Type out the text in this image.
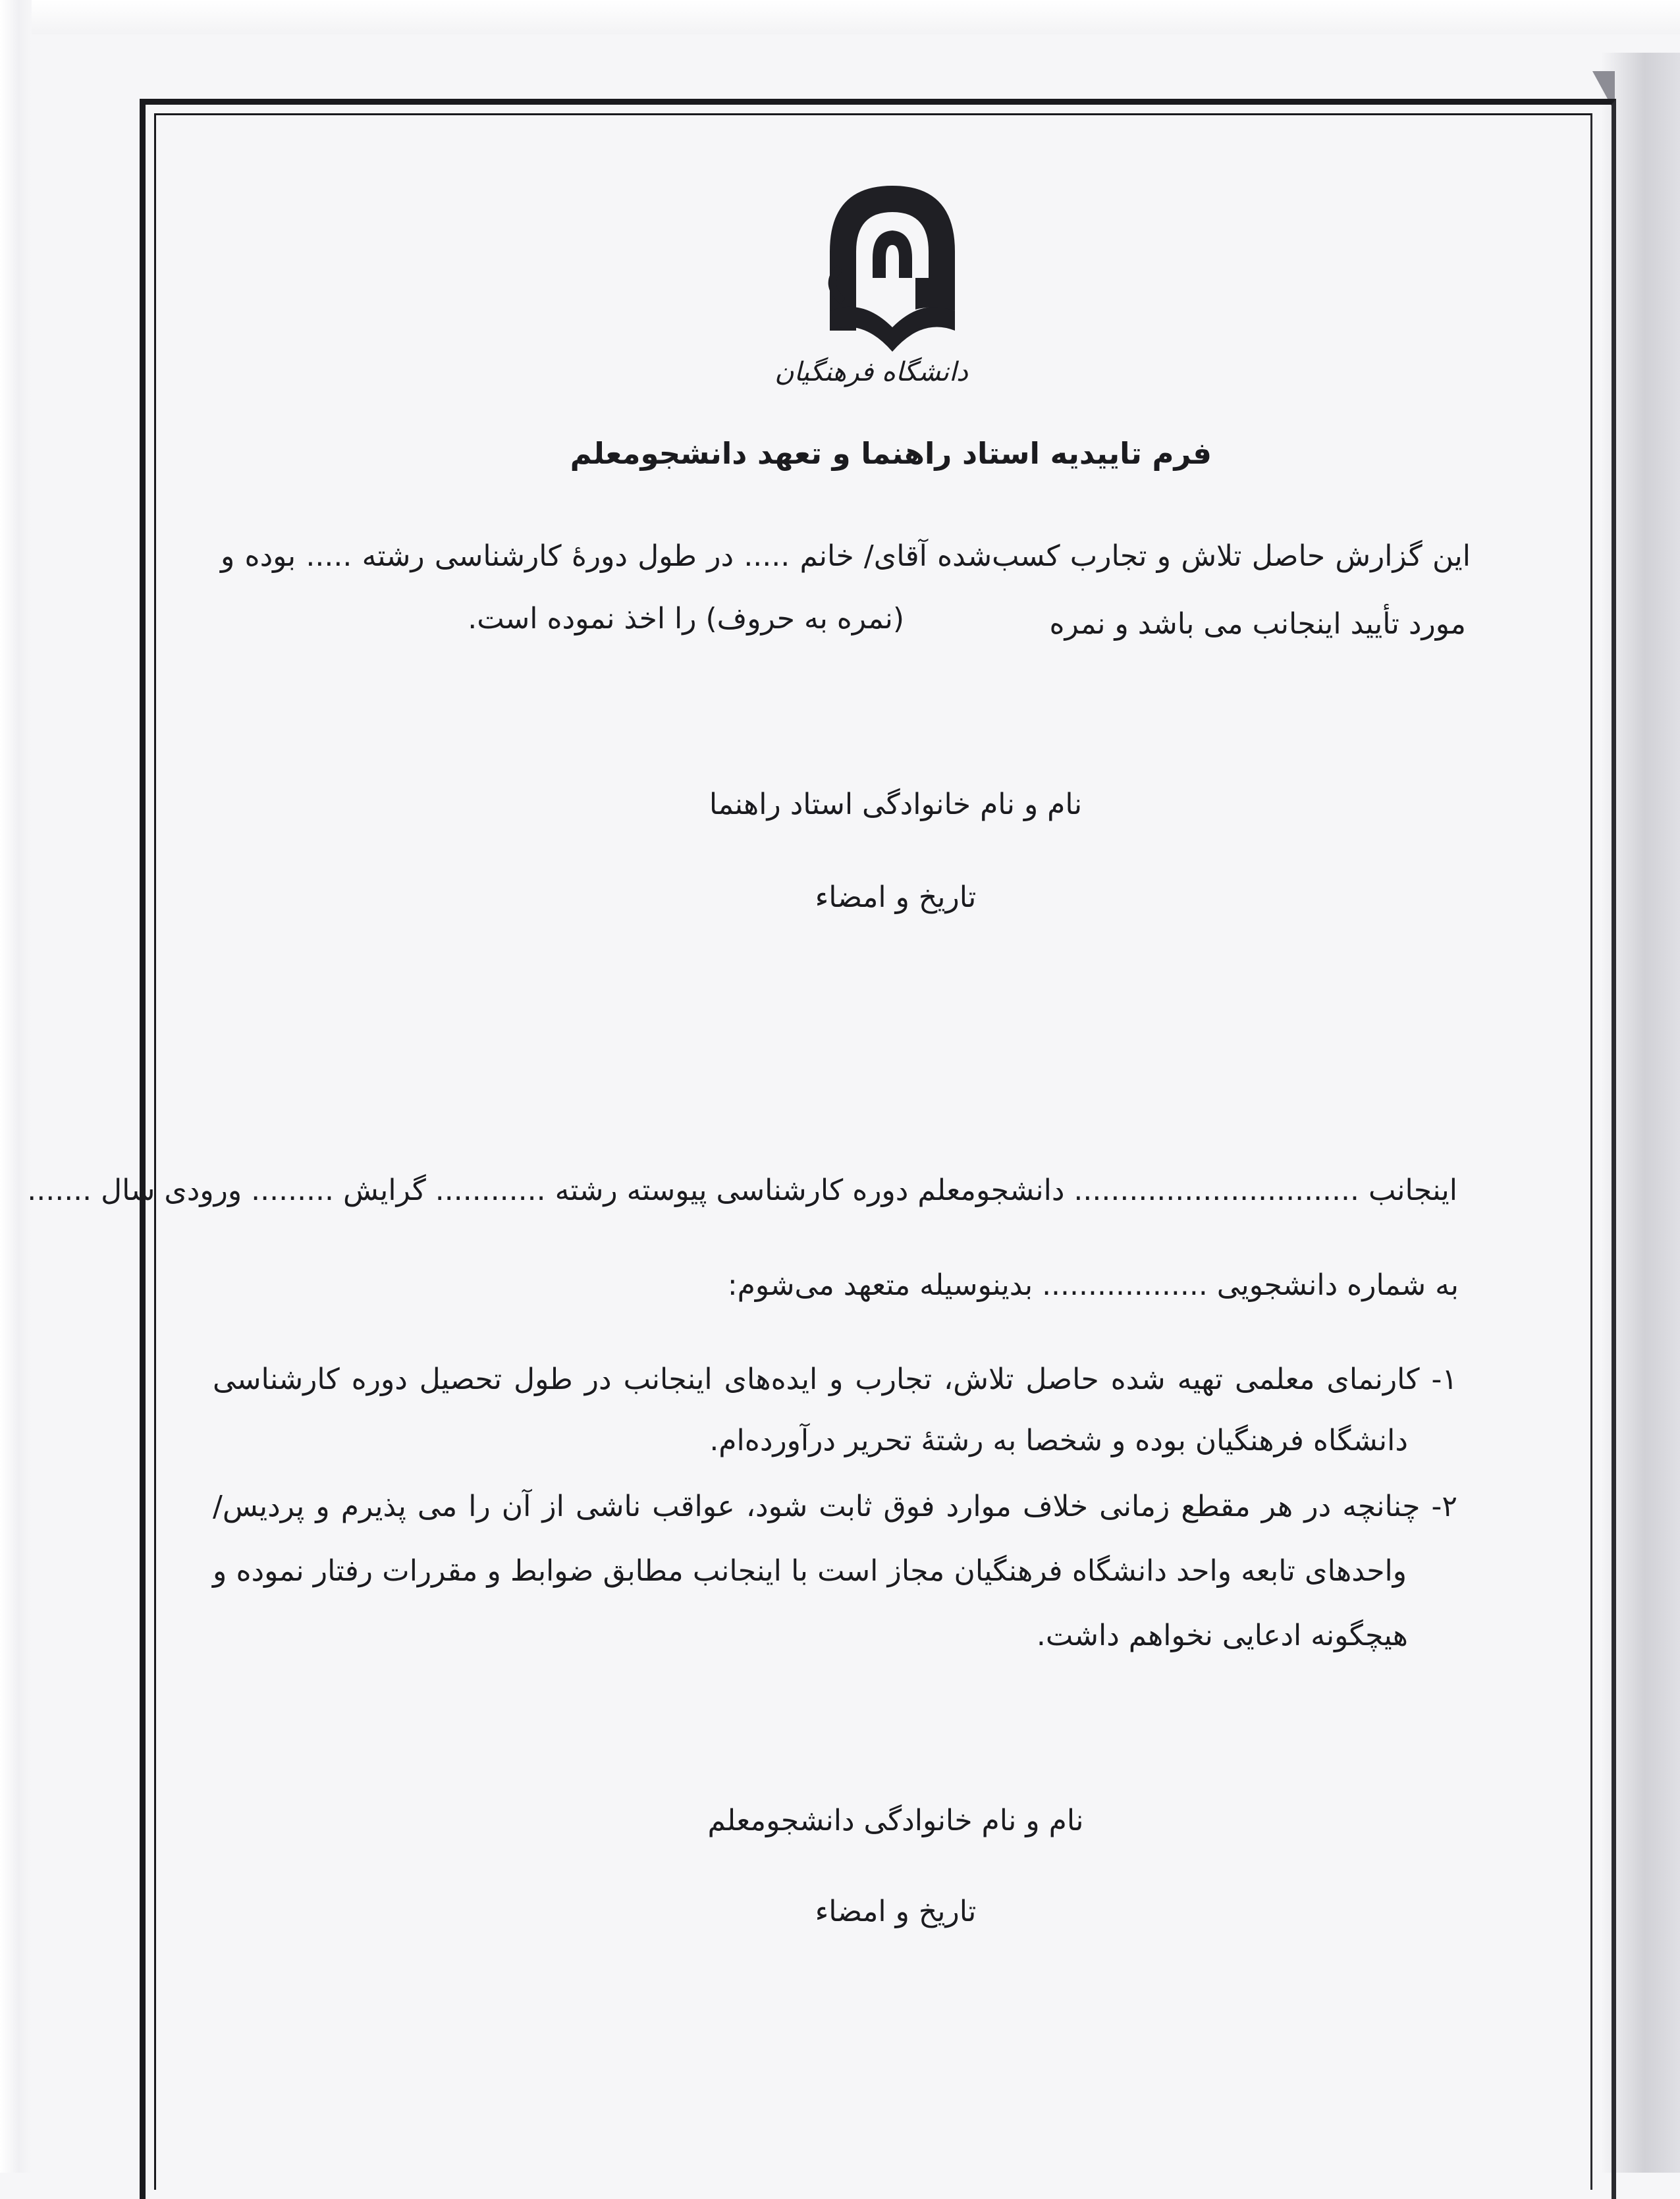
دانشگاه فرهنگیان

فرم تاییدیه استاد راهنما و تعهد دانشجومعلم

این گزارش حاصل تلاش و تجارب کسب‌شده آقای/ خانم ..... در طول دورهٔ کارشناسی رشته ..... بوده و

مورد تأیید اینجانب می باشد و نمره

(نمره به حروف) را اخذ نموده است.

نام و نام خانوادگی استاد راهنما

تاریخ و امضاء

اینجانب ............................... دانشجومعلم دوره کارشناسی پیوسته رشته ............ گرایش ......... ورودی سال .......

به شماره دانشجویی .................. بدینوسیله متعهد می‌شوم:

۱- کارنمای معلمی تهیه شده حاصل تلاش، تجارب و ایده‌های اینجانب در طول تحصیل دوره کارشناسی

دانشگاه فرهنگیان بوده و شخصا به رشتهٔ تحریر درآورده‌ام.

۲- چنانچه در هر مقطع زمانی خلاف موارد فوق ثابت شود، عواقب ناشی از آن را می پذیرم و پردیس/

واحدهای تابعه واحد دانشگاه فرهنگیان مجاز است با اینجانب مطابق ضوابط و مقررات رفتار نموده و

هیچگونه ادعایی نخواهم داشت.

نام و نام خانوادگی دانشجومعلم

تاریخ و امضاء
